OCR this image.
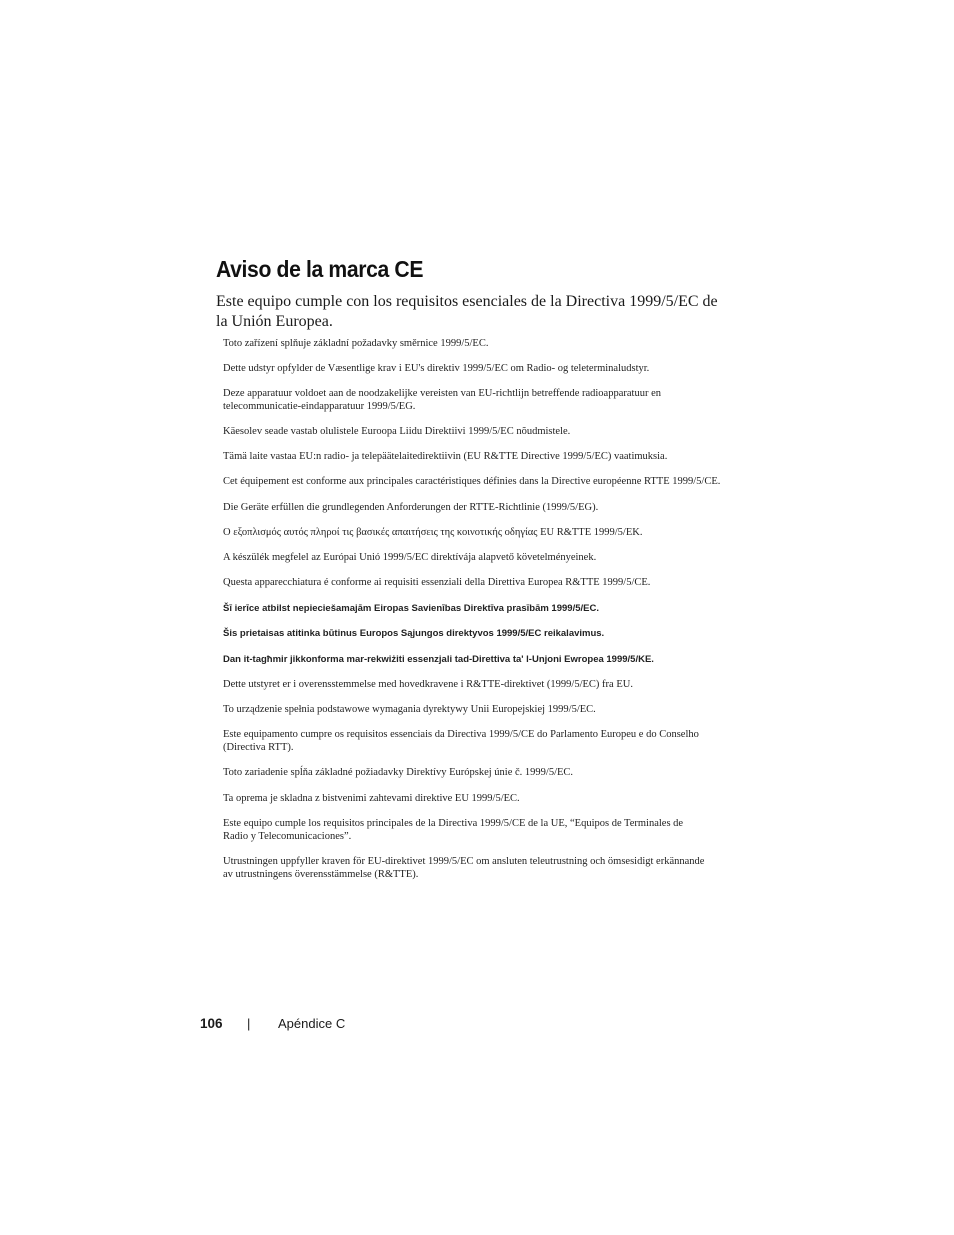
Aviso de la marca CE

Este equipo cumple con los requisitos esenciales de la Directiva 1999/5/EC de la Unión Europea.

Toto zařízení splňuje základní požadavky směrnice 1999/5/EC.

Dette udstyr opfylder de Væsentlige krav i EU's direktiv 1999/5/EC om Radio- og teleterminaludstyr.

Deze apparatuur voldoet aan de noodzakelijke vereisten van EU-richtlijn betreffende radioapparatuur en telecommunicatie-eindapparatuur 1999/5/EG.

Käesolev seade vastab olulistele Euroopa Liidu Direktiivi 1999/5/EC nõudmistele.

Tämä laite vastaa EU:n radio- ja telepäätelaitedirektiivin (EU R&TTE Directive 1999/5/EC) vaatimuksia.

Cet équipement est conforme aux principales caractéristiques définies dans la Directive européenne RTTE 1999/5/CE.

Die Geräte erfüllen die grundlegenden Anforderungen der RTTE-Richtlinie (1999/5/EG).

Ο εξοπλισμός αυτός πληροί τις βασικές απαιτήσεις της κοινοτικής οδηγίας EU R&TTE 1999/5/ΕΚ.

A készülék megfelel az Európai Unió 1999/5/EC direktívája alapvető követelményeinek.

Questa apparecchiatura é conforme ai requisiti essenziali della Direttiva Europea R&TTE 1999/5/CE.

Šī ierīce atbilst nepieciešamajām Eiropas Savienības Direktīva prasībām 1999/5/EC.

Šis prietaisas atitinka būtinus Europos Sąjungos direktyvos 1999/5/EC reikalavimus.

Dan it-tagħmir jikkonforma mar-rekwiżiti essenzjali tad-Direttiva ta' l-Unjoni Ewropea 1999/5/KE.

Dette utstyret er i overensstemmelse med hovedkravene i R&TTE-direktivet (1999/5/EC) fra EU.

To urządzenie spełnia podstawowe wymagania dyrektywy Unii Europejskiej 1999/5/EC.

Este equipamento cumpre os requisitos essenciais da Directiva 1999/5/CE do Parlamento Europeu e do Conselho (Directiva RTT).

Toto zariadenie spĺňa základné požiadavky Direktívy Európskej únie č. 1999/5/EC.

Ta oprema je skladna z bistvenimi zahtevami direktive EU 1999/5/EC.

Este equipo cumple los requisitos principales de la Directiva 1999/5/CE de la UE, “Equipos de Terminales de Radio y Telecomunicaciones”.

Utrustningen uppfyller kraven för EU-direktivet 1999/5/EC om ansluten teleutrustning och ömsesidigt erkännande av utrustningens överensstämmelse (R&TTE).

106 | Apéndice C
